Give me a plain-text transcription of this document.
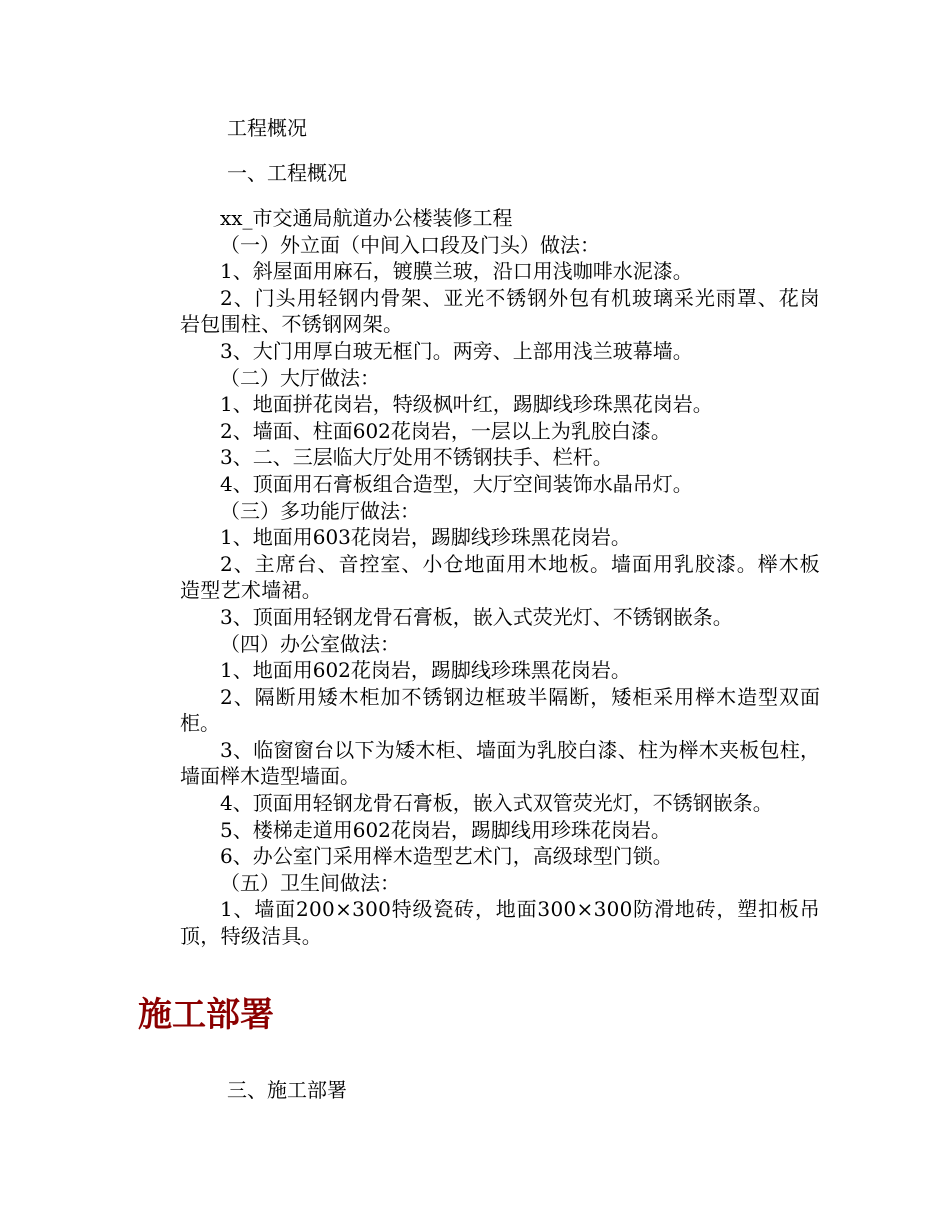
工程概况
一、工程概况

xx_市交通局航道办公楼装修工程

（一）外立面（中间入口段及门头）做法：

1、斜屋面用麻石，镀膜兰玻，沿口用浅咖啡水泥漆。

2、门头用轻钢内骨架、亚光不锈钢外包有机玻璃采光雨罩、花岗岩包围柱、不锈钢网架。

3、大门用厚白玻无框门。两旁、上部用浅兰玻幕墙。

（二）大厅做法：

1、地面拼花岗岩，特级枫叶红，踢脚线珍珠黑花岗岩。

2、墙面、柱面602花岗岩，一层以上为乳胶白漆。

3、二、三层临大厅处用不锈钢扶手、栏杆。

4、顶面用石膏板组合造型，大厅空间装饰水晶吊灯。

（三）多功能厅做法：

1、地面用603花岗岩，踢脚线珍珠黑花岗岩。

2、主席台、音控室、小仓地面用木地板。墙面用乳胶漆。榉木板造型艺术墙裙。

3、顶面用轻钢龙骨石膏板，嵌入式荧光灯、不锈钢嵌条。

（四）办公室做法：

1、地面用602花岗岩，踢脚线珍珠黑花岗岩。

2、隔断用矮木柜加不锈钢边框玻半隔断，矮柜采用榉木造型双面柜。

3、临窗窗台以下为矮木柜、墙面为乳胶白漆、柱为榉木夹板包柱，墙面榉木造型墙面。

4、顶面用轻钢龙骨石膏板，嵌入式双管荧光灯，不锈钢嵌条。

5、楼梯走道用602花岗岩，踢脚线用珍珠花岗岩。

6、办公室门采用榉木造型艺术门，高级球型门锁。

（五）卫生间做法：

1、墙面200×300特级瓷砖，地面300×300防滑地砖，塑扣板吊顶，特级洁具。

施工部署
三、施工部署
